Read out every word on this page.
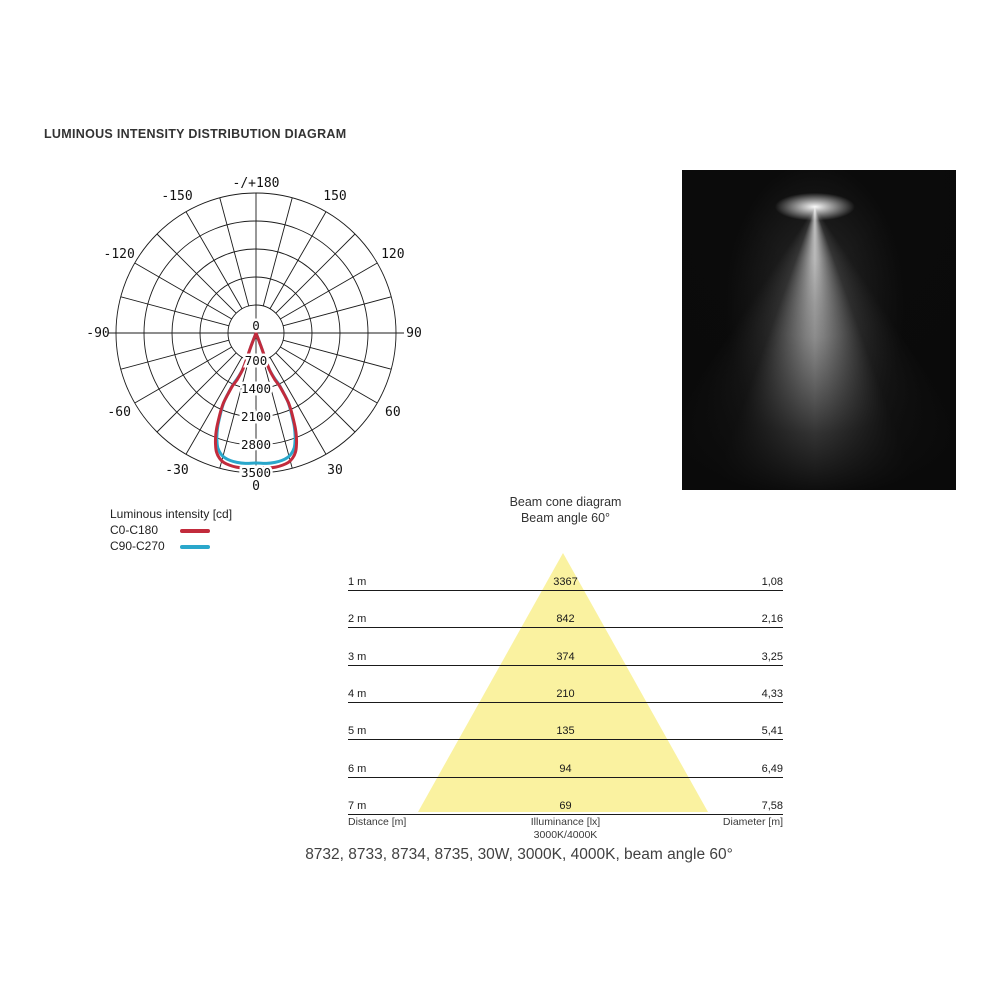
LUMINOUS INTENSITY DISTRIBUTION DIAGRAM
700
1400
2100
2800
3500
0
0
30
60
90
120
150
-/+180
-30
-60
-90
-120
-150
Luminous intensity [cd]
C0-C180
C90-C270
Beam cone diagram
Beam angle 60°
1 m	3367	1,08
2 m	842	2,16
3 m	374	3,25
4 m	210	4,33
5 m	135	5,41
6 m	94	6,49
7 m	69	7,58
Distance [m]	Illuminance [lx]
3000K/4000K
Diameter [m]
8732, 8733, 8734, 8735, 30W, 3000K, 4000K, beam angle 60°
